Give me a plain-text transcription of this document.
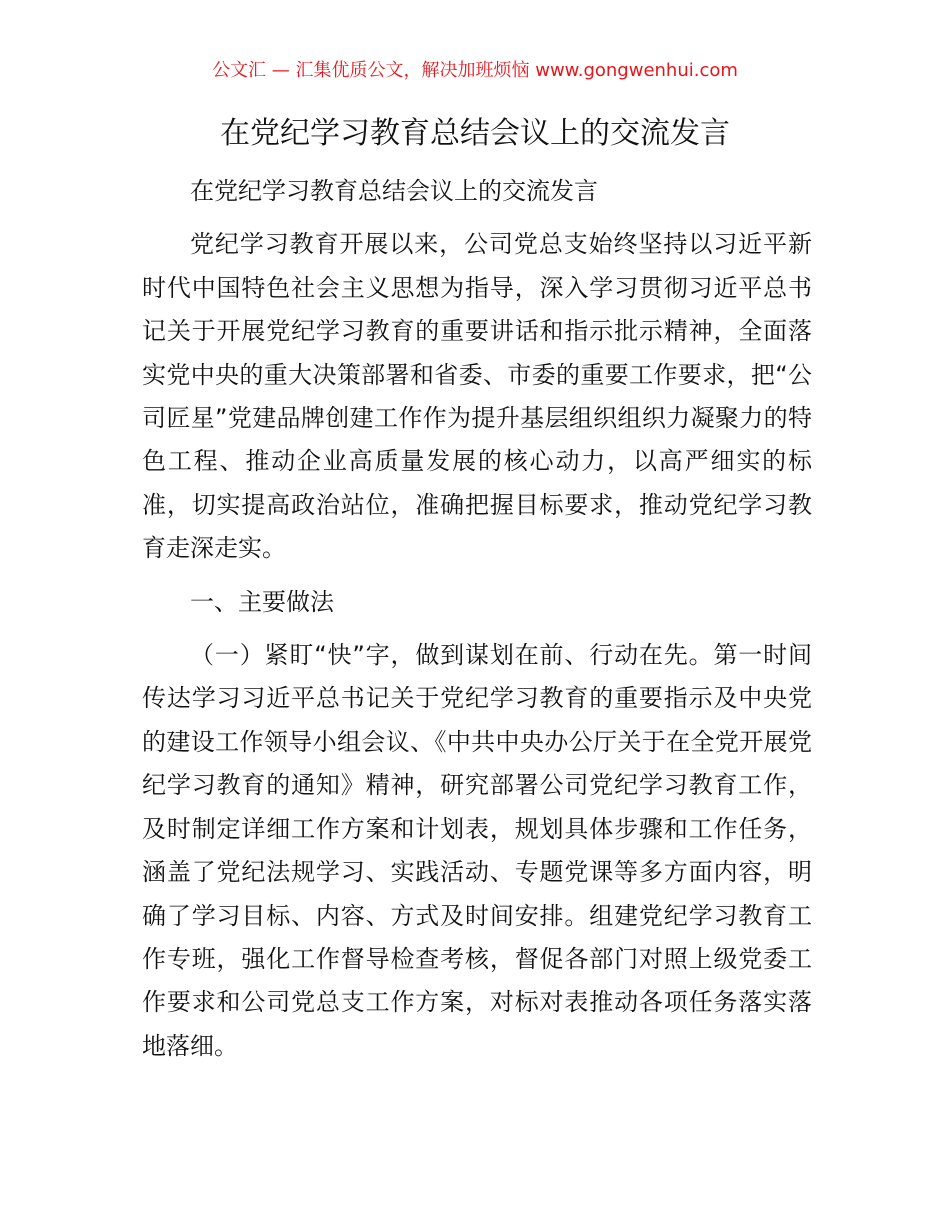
公文汇 — 汇集优质公文，解决加班烦恼 www.gongwenhui.com
在党纪学习教育总结会议上的交流发言

在党纪学习教育总结会议上的交流发言

党纪学习教育开展以来，公司党总支始终坚持以习近平新时代中国特色社会主义思想为指导，深入学习贯彻习近平总书记关于开展党纪学习教育的重要讲话和指示批示精神，全面落实党中央的重大决策部署和省委、市委的重要工作要求，把“公司匠星”党建品牌创建工作作为提升基层组织组织力凝聚力的特色工程、推动企业高质量发展的核心动力，以高严细实的标准，切实提高政治站位，准确把握目标要求，推动党纪学习教育走深走实。

一、主要做法

（一）紧盯“快”字，做到谋划在前、行动在先。第一时间传达学习习近平总书记关于党纪学习教育的重要指示及中央党的建设工作领导小组会议、《中共中央办公厅关于在全党开展党纪学习教育的通知》精神，研究部署公司党纪学习教育工作，及时制定详细工作方案和计划表，规划具体步骤和工作任务，涵盖了党纪法规学习、实践活动、专题党课等多方面内容，明确了学习目标、内容、方式及时间安排。组建党纪学习教育工作专班，强化工作督导检查考核，督促各部门对照上级党委工作要求和公司党总支工作方案，对标对表推动各项任务落实落地落细。
